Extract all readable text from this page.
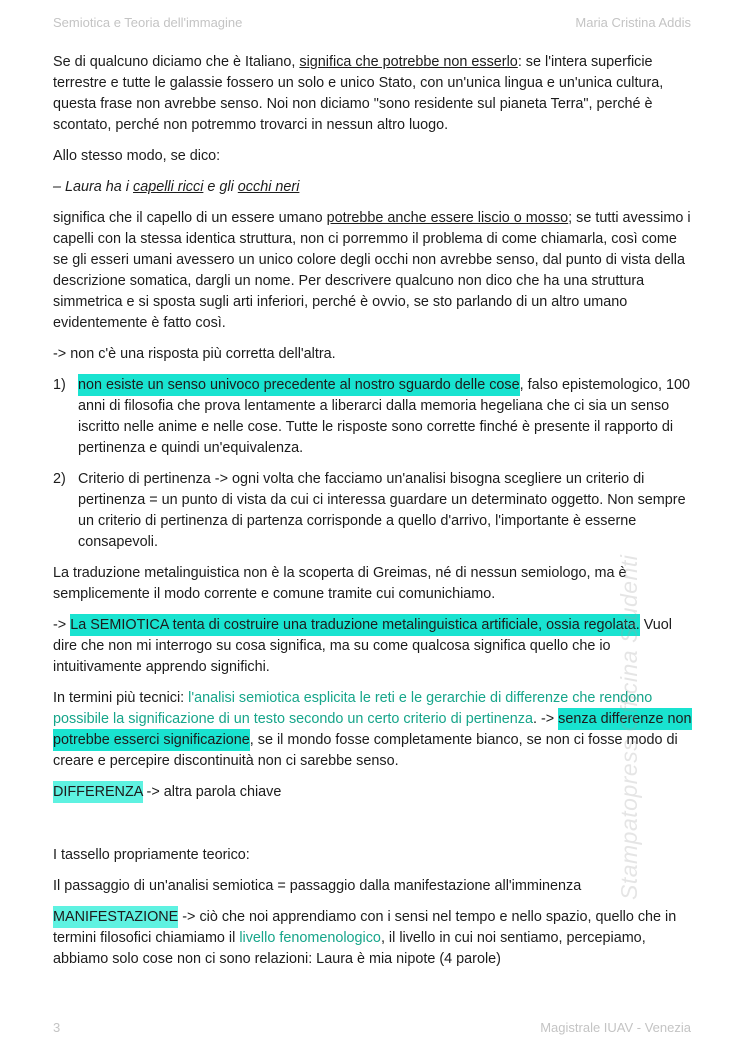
Semiotica e Teoria dell'immagine	Maria Cristina Addis

Se di qualcuno diciamo che è Italiano, significa che potrebbe non esserlo: se l'intera superficie terrestre e tutte le galassie fossero un solo e unico Stato, con un'unica lingua e un'unica cultura, questa frase non avrebbe senso. Noi non diciamo "sono residente sul pianeta Terra", perché è scontato, perché non potremmo trovarci in nessun altro luogo.

Allo stesso modo, se dico:

– Laura ha i capelli ricci e gli occhi neri

significa che il capello di un essere umano potrebbe anche essere liscio o mosso; se tutti avessimo i capelli con la stessa identica struttura, non ci porremmo il problema di come chiamarla, così come se gli esseri umani avessero un unico colore degli occhi non avrebbe senso, dal punto di vista della descrizione somatica, dargli un nome. Per descrivere qualcuno non dico che ha una struttura simmetrica e si sposta sugli arti inferiori, perché è ovvio, se sto parlando di un altro umano evidentemente è fatto così.

-> non c'è una risposta più corretta dell'altra.

1) non esiste un senso univoco precedente al nostro sguardo delle cose, falso epistemologico, 100 anni di filosofia che prova lentamente a liberarci dalla memoria hegeliana che ci sia un senso iscritto nelle anime e nelle cose. Tutte le risposte sono corrette finché è presente il rapporto di pertinenza e quindi un'equivalenza.
2) Criterio di pertinenza -> ogni volta che facciamo un'analisi bisogna scegliere un criterio di pertinenza = un punto di vista da cui ci interessa guardare un determinato oggetto. Non sempre un criterio di pertinenza di partenza corrisponde a quello d'arrivo, l'importante è esserne consapevoli.

La traduzione metalinguistica non è la scoperta di Greimas, né di nessun semiologo, ma è semplicemente il modo corrente e comune tramite cui comunichiamo.

-> La SEMIOTICA tenta di costruire una traduzione metalinguistica artificiale, ossia regolata. Vuol dire che non mi interrogo su cosa significa, ma su come qualcosa significa quello che io intuitivamente apprendo significhi.

In termini più tecnici: l'analisi semiotica esplicita le reti e le gerarchie di differenze che rendono possibile la significazione di un testo secondo un certo criterio di pertinenza. -> senza differenze non potrebbe esserci significazione, se il mondo fosse completamente bianco, se non ci fosse modo di creare e percepire discontinuità non ci sarebbe senso.

DIFFERENZA -> altra parola chiave

I tassello propriamente teorico:

Il passaggio di un'analisi semiotica = passaggio dalla manifestazione all'imminenza

MANIFESTAZIONE -> ciò che noi apprendiamo con i sensi nel tempo e nello spazio, quello che in termini filosofici chiamiamo il livello fenomenologico, il livello in cui noi sentiamo, percepiamo, abbiamo solo cose non ci sono relazioni: Laura è mia nipote (4 parole)

Stampatopress Officina Studenti
3	Magistrale IUAV - Venezia
